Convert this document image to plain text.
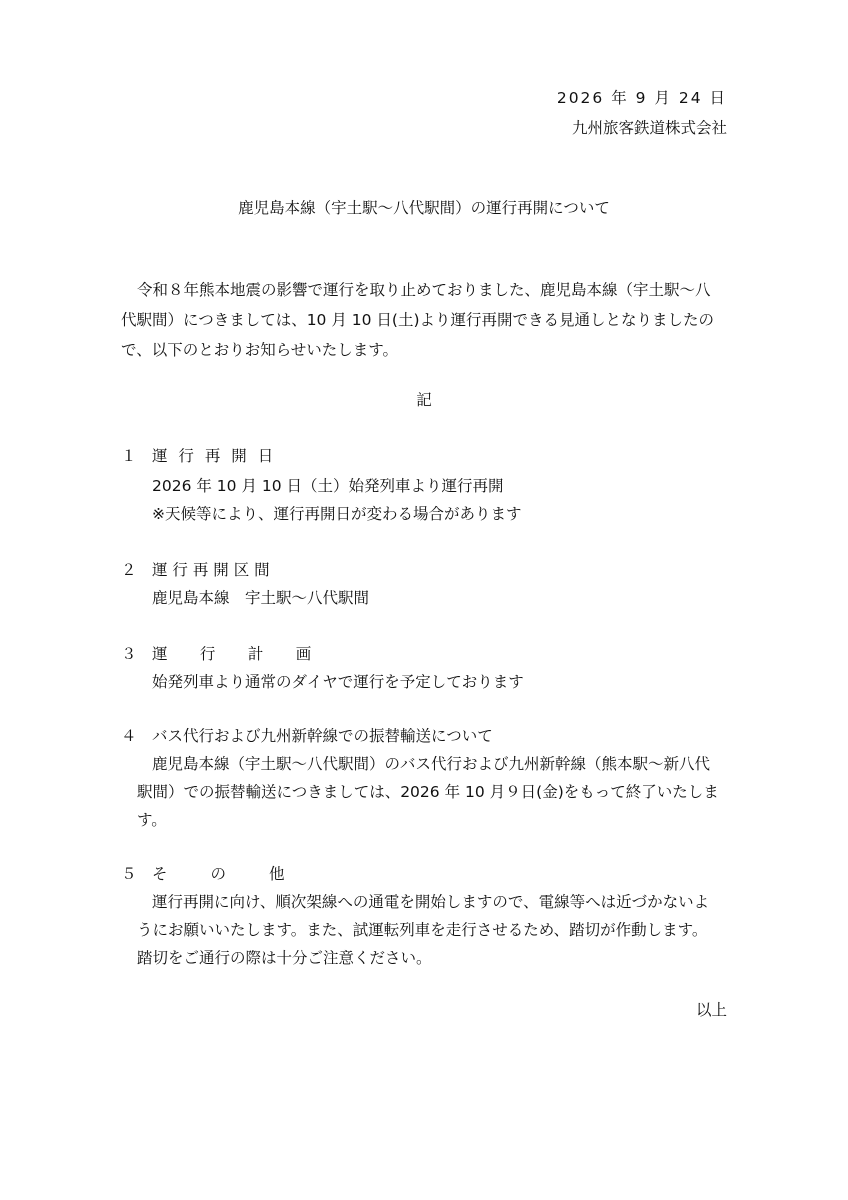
2026 年 9 月 24 日
九州旅客鉄道株式会社
鹿児島本線（宇土駅～八代駅間）の運行再開について
令和８年熊本地震の影響で運行を取り止めておりました、鹿児島本線（宇土駅～八
代駅間）につきましては、10 月 10 日(土)より運行再開できる見通しとなりましたの
で、以下のとおりお知らせいたします。
記
１ 運 行 再 開 日
2026 年 10 月 10 日（土）始発列車より運行再開
※天候等により、運行再開日が変わる場合があります
２ 運 行 再 開 区 間
鹿児島本線　宇土駅～八代駅間
３ 運　 行　 計　 画
始発列車より通常のダイヤで運行を予定しております
４ バス代行および九州新幹線での振替輸送について
鹿児島本線（宇土駅～八代駅間）のバス代行および九州新幹線（熊本駅～新八代
駅間）での振替輸送につきましては、2026 年 10 月９日(金)をもって終了いたしま
す。
５ そ　　の　　他
運行再開に向け、順次架線への通電を開始しますので、電線等へは近づかないよ
うにお願いいたします。また、試運転列車を走行させるため、踏切が作動します。
踏切をご通行の際は十分ご注意ください。
以上
